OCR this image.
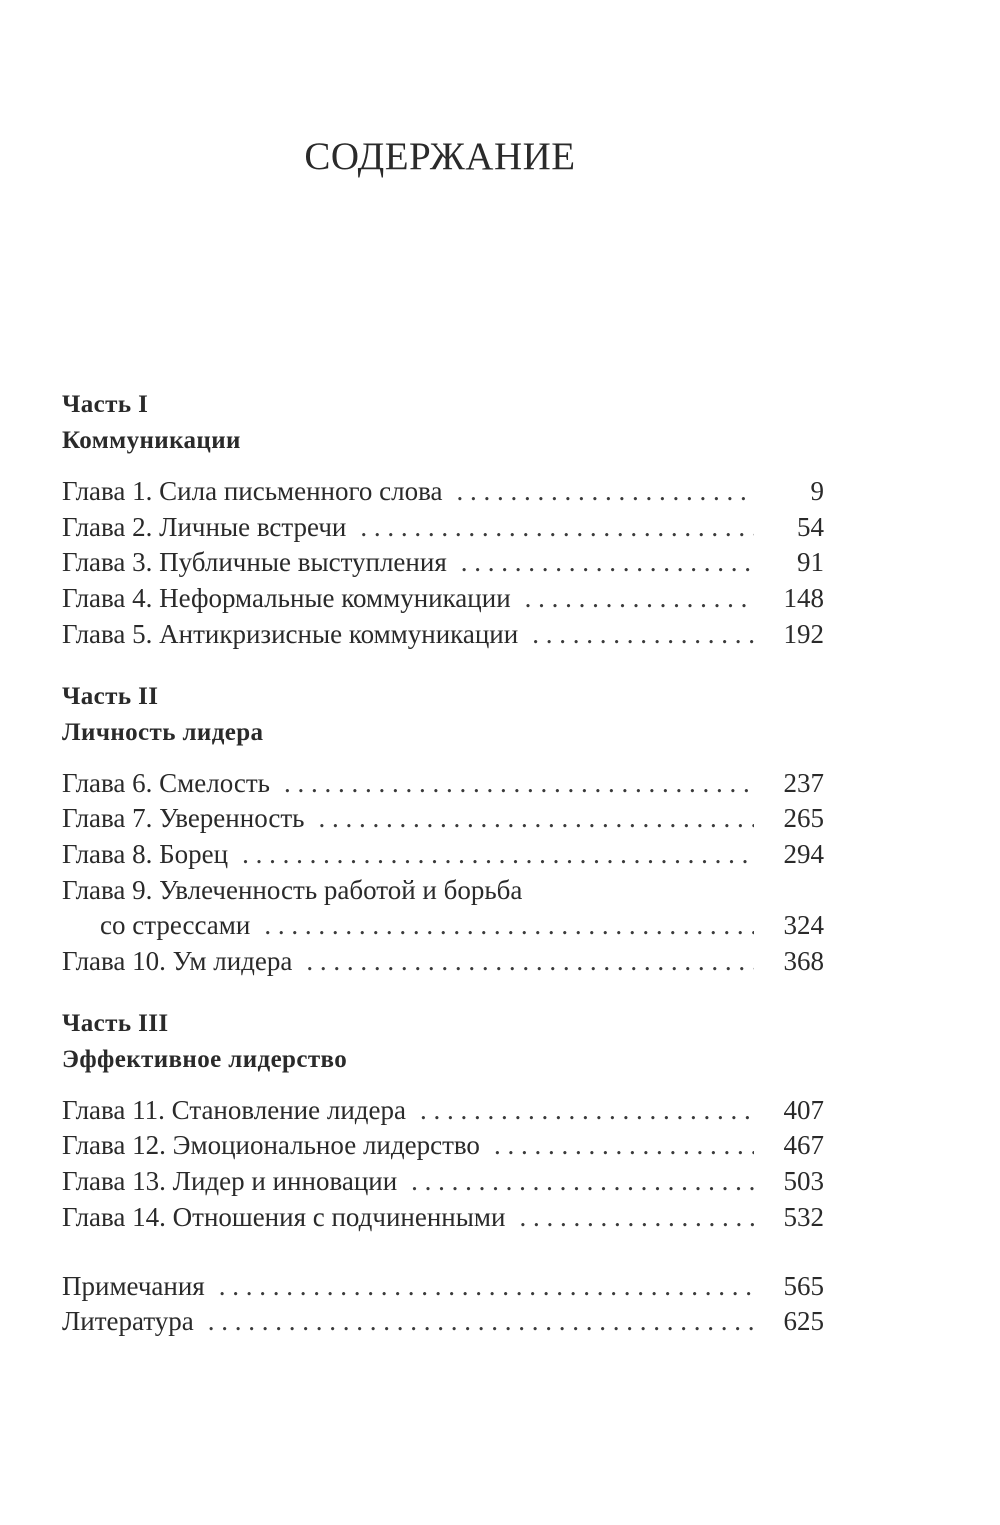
СОДЕРЖАНИЕ
Часть I
Коммуникации
Глава 1. Сила письменного слова . . .	9
Глава 2. Личные встречи . . .	54
Глава 3. Публичные выступления . . .	91
Глава 4. Неформальные коммуникации . . .	148
Глава 5. Антикризисные коммуникации . . .	192
Часть II
Личность лидера
Глава 6. Смелость . . .	237
Глава 7. Уверенность . . .	265
Глава 8. Борец . . .	294
Глава 9. Увлеченность работой и борьба
со стрессами . . .	324
Глава 10. Ум лидера . . .	368
Часть III
Эффективное лидерство
Глава 11. Становление лидера . . .	407
Глава 12. Эмоциональное лидерство . . .	467
Глава 13. Лидер и инновации . . .	503
Глава 14. Отношения с подчиненными . . .	532
Примечания . . .	565
Литература . . .	625
